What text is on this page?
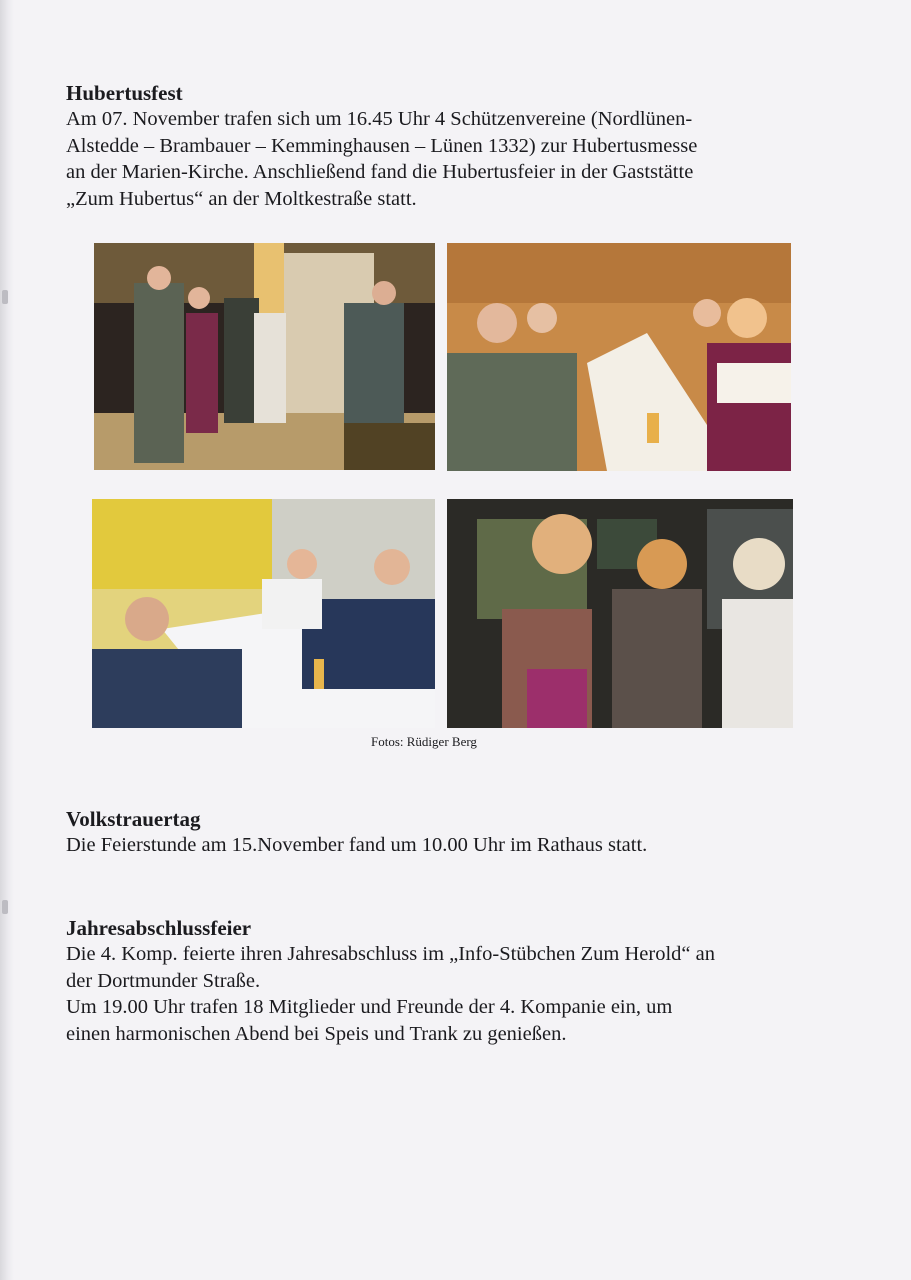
Hubertusfest

Am 07. November trafen sich um 16.45 Uhr 4 Schützenvereine (Nordlünen-

Alstedde – Brambauer – Kemminghausen – Lünen 1332) zur Hubertusmesse

an der Marien-Kirche. Anschließend fand die Hubertusfeier in der Gaststätte

„Zum Hubertus“ an der Moltkestraße statt.

Fotos: Rüdiger Berg

Volkstrauertag

Die Feierstunde am 15.November fand um 10.00 Uhr im Rathaus statt.

Jahresabschlussfeier

Die 4. Komp. feierte ihren Jahresabschluss im „Info-Stübchen Zum Herold“ an

der Dortmunder Straße.

Um 19.00 Uhr trafen 18 Mitglieder und Freunde der 4. Kompanie ein, um

einen harmonischen Abend bei Speis und Trank zu genießen.
